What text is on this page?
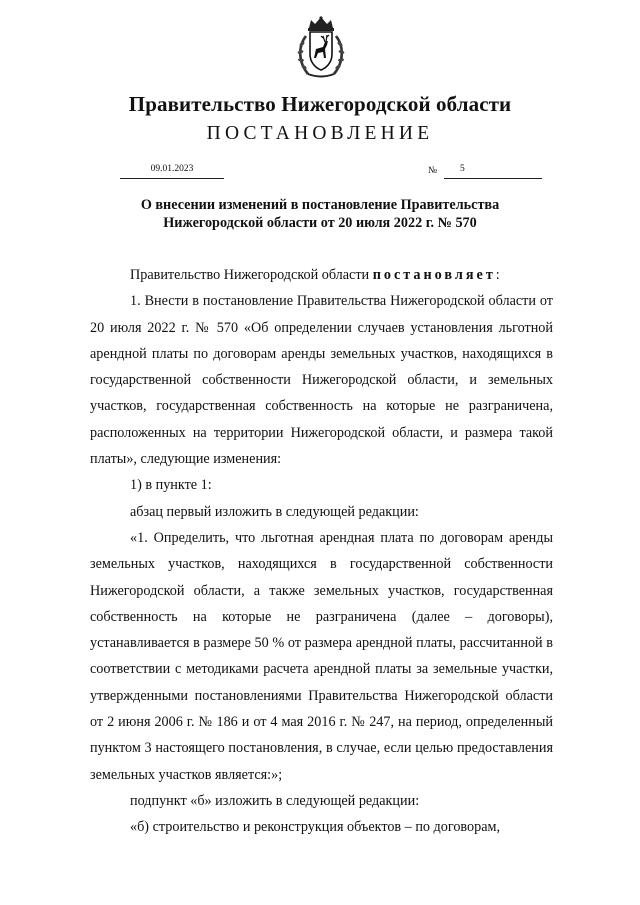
Правительство Нижегородской области
ПОСТАНОВЛЕНИЕ
09.01.2023	№	5
О внесении изменений в постановление Правительства
Нижегородской области от 20 июля 2022 г. № 570

Правительство Нижегородской области постановляет:

1. Внести в постановление Правительства Нижегородской области от 20 июля 2022 г. № 570 «Об определении случаев установления льготной арендной платы по договорам аренды земельных участков, находящихся в государственной собственности Нижегородской области, и земельных участков, государственная собственность на которые не разграничена, расположенных на территории Нижегородской области, и размера такой платы», следующие изменения:

1) в пункте 1:

абзац первый изложить в следующей редакции:

«1. Определить, что льготная арендная плата по договорам аренды земельных участков, находящихся в государственной собственности Нижегородской области, а также земельных участков, государственная собственность на которые не разграничена (далее – договоры), устанавливается в размере 50 % от размера арендной платы, рассчитанной в соответствии с методиками расчета арендной платы за земельные участки, утвержденными постановлениями Правительства Нижегородской области от 2 июня 2006 г. № 186 и от 4 мая 2016 г. № 247, на период, определенный пунктом 3 настоящего постановления, в случае, если целью предоставления земельных участков является:»;

подпункт «б» изложить в следующей редакции:

«б) строительство и реконструкция объектов – по договорам,
